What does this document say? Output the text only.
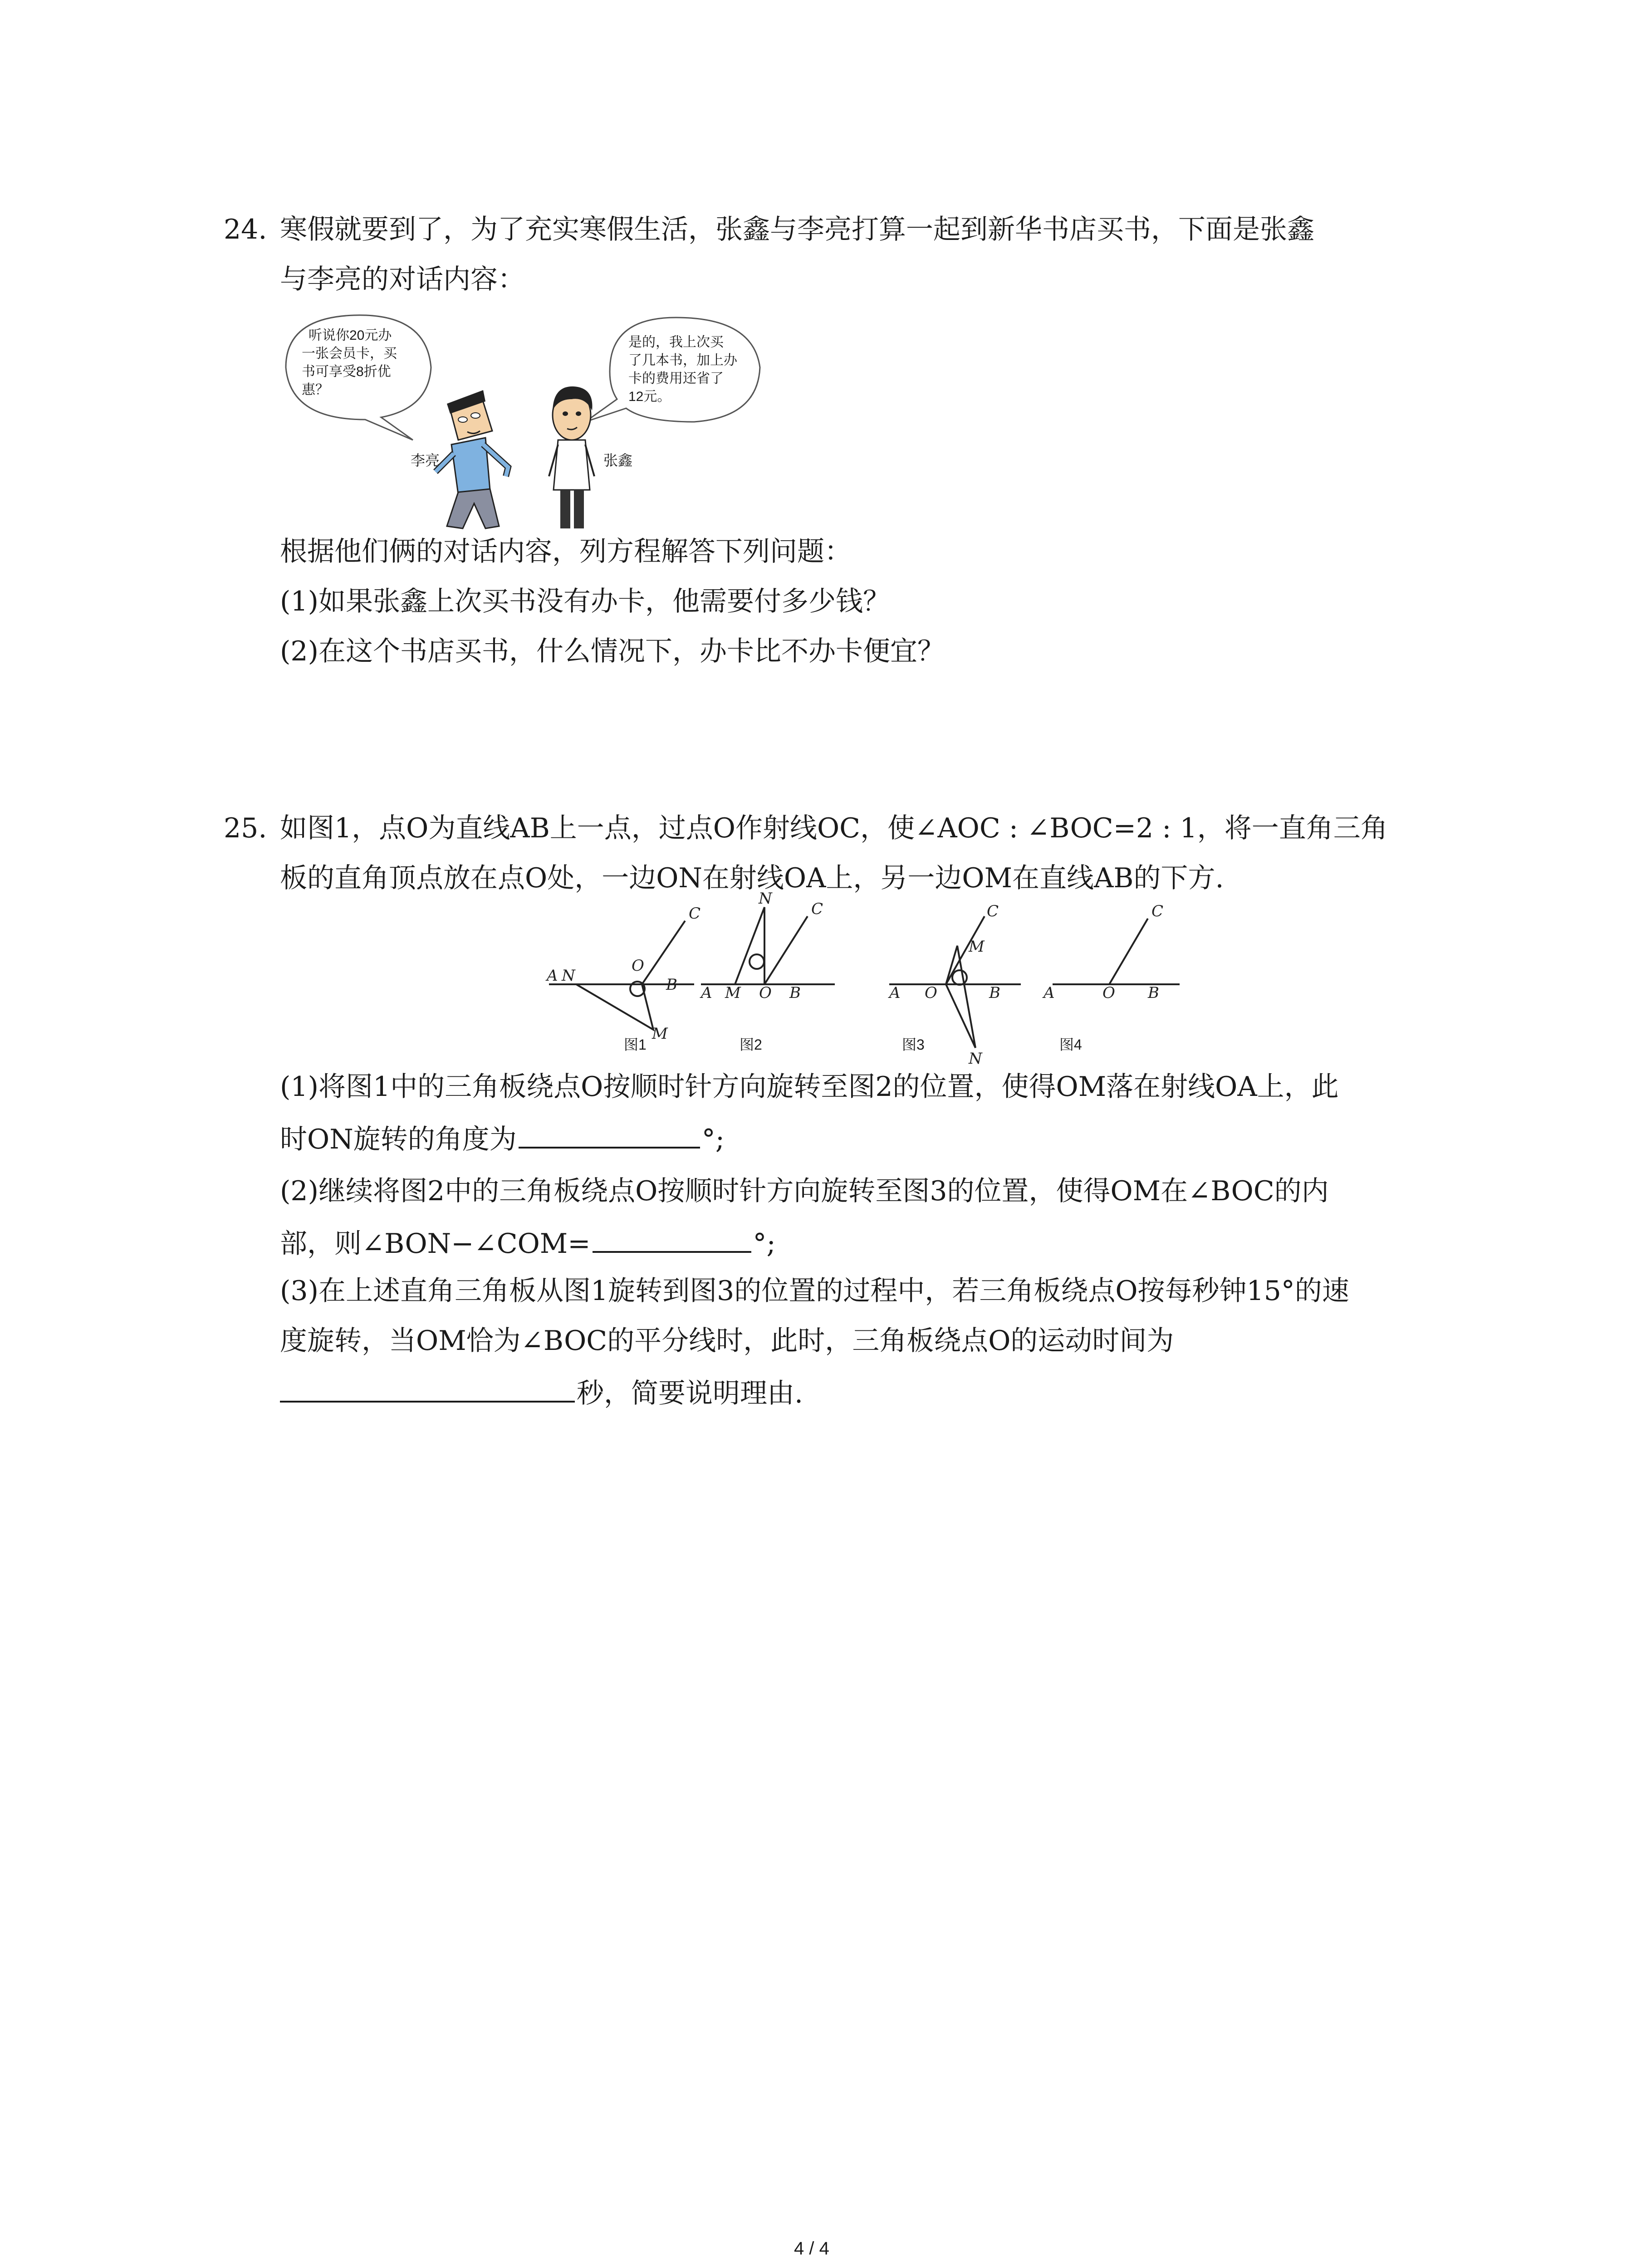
24. 寒假就要到了，为了充实寒假生活，张鑫与李亮打算一起到新华书店买书，下面是张鑫
与李亮的对话内容：
听说你20元办
一张会员卡，买
书可享受8折优
惠？
是的，我上次买
了几本书，加上办
卡的费用还省了
12元。
李亮	张鑫
根据他们俩的对话内容，列方程解答下列问题：
(1)如果张鑫上次买书没有办卡，他需要付多少钱？
(2)在这个书店买书，什么情况下，办卡比不办卡便宜？
25. 如图1，点O为直线AB上一点，过点O作射线OC，使∠AOC : ∠BOC=2 : 1，将一直角三角
板的直角顶点放在点O处，一边ON在射线OA上，另一边OM在直线AB的下方.
A N
O
C
B
M
A M O B
N
C
A O	B
C
M
N
A	O B
C
图1	图2	图3	图4
(1)将图1中的三角板绕点O按顺时针方向旋转至图2的位置，使得OM落在射线OA上，此
时ON旋转的角度为	°;
(2)继续将图2中的三角板绕点O按顺时针方向旋转至图3的位置，使得OM在∠BOC的内
部，则∠BON−∠COM=	°;
(3)在上述直角三角板从图1旋转到图3的位置的过程中，若三角板绕点O按每秒钟15°的速
度旋转，当OM恰为∠BOC的平分线时，此时，三角板绕点O的运动时间为
秒，简要说明理由.
4 / 4
